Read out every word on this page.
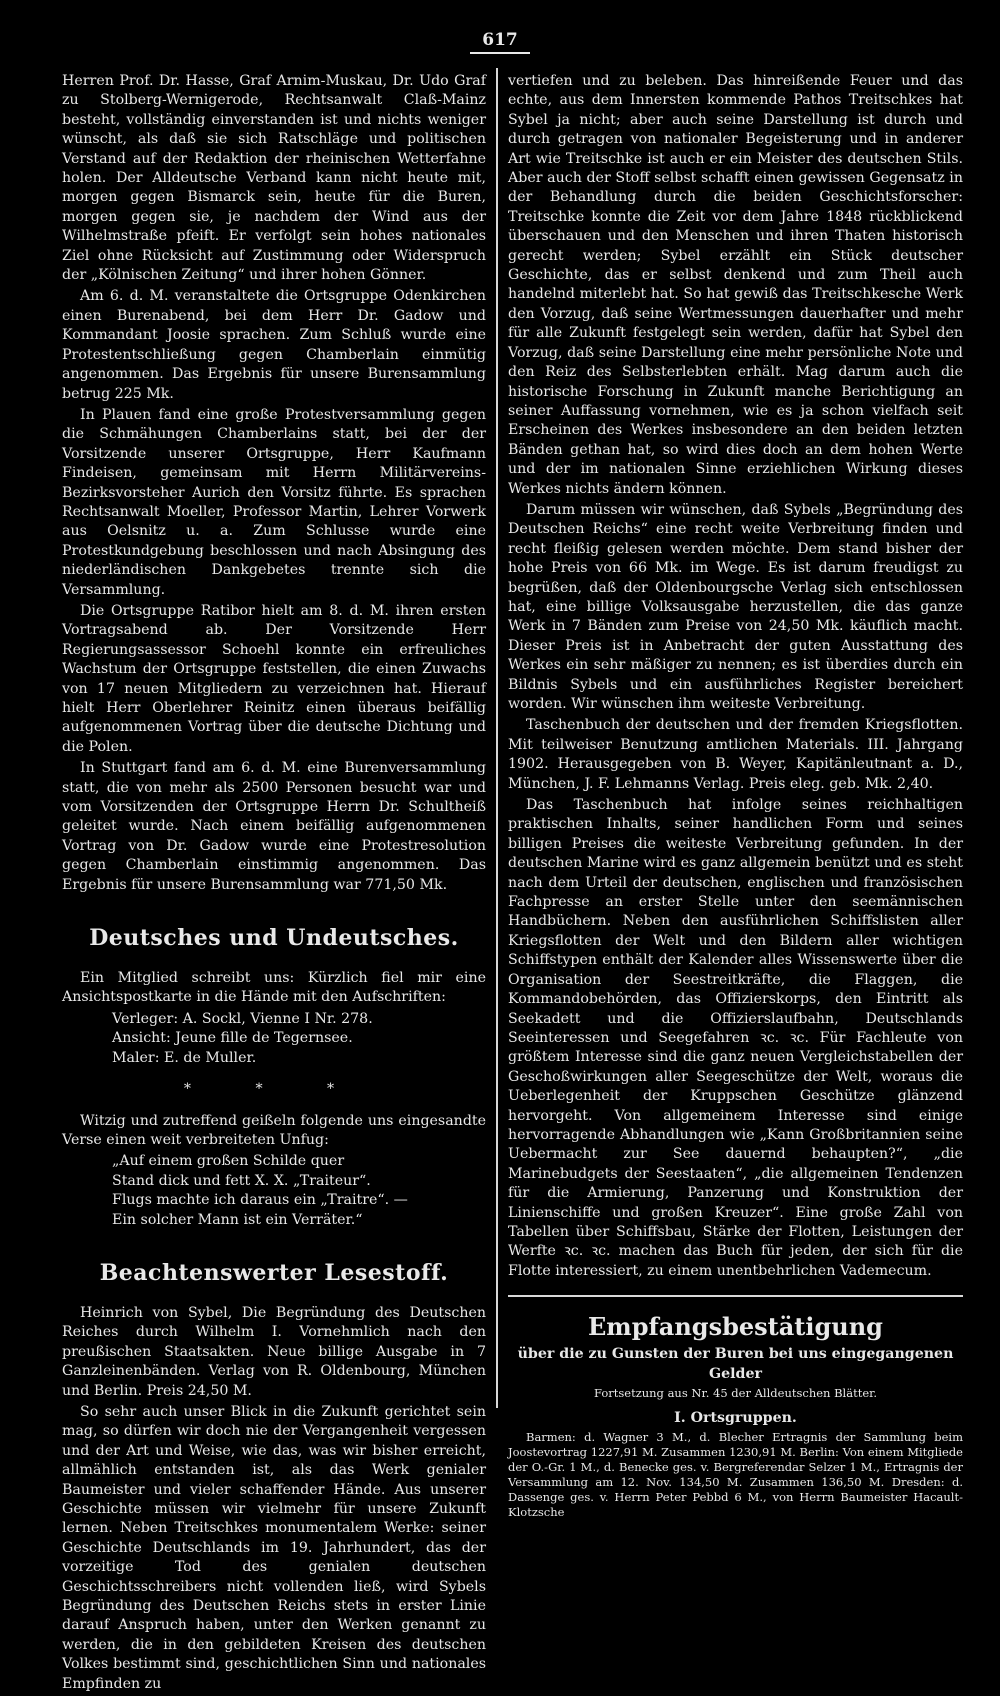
617

Herren Prof. Dr. Hasse, Graf Arnim-Muskau, Dr. Udo Graf zu Stolberg-Wernigerode, Rechtsanwalt Claß-Mainz besteht, vollständig einverstanden ist und nichts weniger wünscht, als daß sie sich Ratschläge und politischen Verstand auf der Redaktion der rheinischen Wetterfahne holen. Der Alldeutsche Verband kann nicht heute mit, morgen gegen Bismarck sein, heute für die Buren, morgen gegen sie, je nachdem der Wind aus der Wilhelmstraße pfeift. Er verfolgt sein hohes nationales Ziel ohne Rücksicht auf Zustimmung oder Widerspruch der „Kölnischen Zeitung“ und ihrer hohen Gönner.

Am 6. d. M. veranstaltete die Ortsgruppe Odenkirchen einen Burenabend, bei dem Herr Dr. Gadow und Kommandant Joosie sprachen. Zum Schluß wurde eine Protestentschließung gegen Chamberlain einmütig angenommen. Das Ergebnis für unsere Burensammlung betrug 225 Mk.

In Plauen fand eine große Protestversammlung gegen die Schmähungen Chamberlains statt, bei der der Vorsitzende unserer Ortsgruppe, Herr Kaufmann Findeisen, gemeinsam mit Herrn Militärvereins-Bezirksvorsteher Aurich den Vorsitz führte. Es sprachen Rechtsanwalt Moeller, Professor Martin, Lehrer Vorwerk aus Oelsnitz u. a. Zum Schlusse wurde eine Protestkundgebung beschlossen und nach Absingung des niederländischen Dankgebetes trennte sich die Versammlung.

Die Ortsgruppe Ratibor hielt am 8. d. M. ihren ersten Vortragsabend ab. Der Vorsitzende Herr Regierungsassessor Schoehl konnte ein erfreuliches Wachstum der Ortsgruppe feststellen, die einen Zuwachs von 17 neuen Mitgliedern zu verzeichnen hat. Hierauf hielt Herr Oberlehrer Reinitz einen überaus beifällig aufgenommenen Vortrag über die deutsche Dichtung und die Polen.

In Stuttgart fand am 6. d. M. eine Burenversammlung statt, die von mehr als 2500 Personen besucht war und vom Vorsitzenden der Ortsgruppe Herrn Dr. Schultheiß geleitet wurde. Nach einem beifällig aufgenommenen Vortrag von Dr. Gadow wurde eine Protestresolution gegen Chamberlain einstimmig angenommen. Das Ergebnis für unsere Burensammlung war 771,50 Mk.

Deutsches und Undeutsches.

Ein Mitglied schreibt uns: Kürzlich fiel mir eine Ansichtspostkarte in die Hände mit den Aufschriften:

Verleger: A. Sockl, Vienne I Nr. 278.

Ansicht: Jeune fille de Tegernsee.

Maler: E. de Muller.

* * *

Witzig und zutreffend geißeln folgende uns eingesandte Verse einen weit verbreiteten Unfug:

„Auf einem großen Schilde quer

Stand dick und fett X. X. „Traiteur“.

Flugs machte ich daraus ein „Traitre“. —

Ein solcher Mann ist ein Verräter.“

Beachtenswerter Lesestoff.

Heinrich von Sybel, Die Begründung des Deutschen Reiches durch Wilhelm I. Vornehmlich nach den preußischen Staatsakten. Neue billige Ausgabe in 7 Ganzleinenbänden. Verlag von R. Oldenbourg, München und Berlin. Preis 24,50 M.

So sehr auch unser Blick in die Zukunft gerichtet sein mag, so dürfen wir doch nie der Vergangenheit vergessen und der Art und Weise, wie das, was wir bisher erreicht, allmählich entstanden ist, als das Werk genialer Baumeister und vieler schaffender Hände. Aus unserer Geschichte müssen wir vielmehr für unsere Zukunft lernen. Neben Treitschkes monumentalem Werke: seiner Geschichte Deutschlands im 19. Jahrhundert, das der vorzeitige Tod des genialen deutschen Geschichtsschreibers nicht vollenden ließ, wird Sybels Begründung des Deutschen Reichs stets in erster Linie darauf Anspruch haben, unter den Werken genannt zu werden, die in den gebildeten Kreisen des deutschen Volkes bestimmt sind, geschichtlichen Sinn und nationales Empfinden zu

vertiefen und zu beleben. Das hinreißende Feuer und das echte, aus dem Innersten kommende Pathos Treitschkes hat Sybel ja nicht; aber auch seine Darstellung ist durch und durch getragen von nationaler Begeisterung und in anderer Art wie Treitschke ist auch er ein Meister des deutschen Stils. Aber auch der Stoff selbst schafft einen gewissen Gegensatz in der Behandlung durch die beiden Geschichtsforscher: Treitschke konnte die Zeit vor dem Jahre 1848 rückblickend überschauen und den Menschen und ihren Thaten historisch gerecht werden; Sybel erzählt ein Stück deutscher Geschichte, das er selbst denkend und zum Theil auch handelnd miterlebt hat. So hat gewiß das Treitschkesche Werk den Vorzug, daß seine Wertmessungen dauerhafter und mehr für alle Zukunft festgelegt sein werden, dafür hat Sybel den Vorzug, daß seine Darstellung eine mehr persönliche Note und den Reiz des Selbsterlebten erhält. Mag darum auch die historische Forschung in Zukunft manche Berichtigung an seiner Auffassung vornehmen, wie es ja schon vielfach seit Erscheinen des Werkes insbesondere an den beiden letzten Bänden gethan hat, so wird dies doch an dem hohen Werte und der im nationalen Sinne erziehlichen Wirkung dieses Werkes nichts ändern können.

Darum müssen wir wünschen, daß Sybels „Begründung des Deutschen Reichs“ eine recht weite Verbreitung finden und recht fleißig gelesen werden möchte. Dem stand bisher der hohe Preis von 66 Mk. im Wege. Es ist darum freudigst zu begrüßen, daß der Oldenbourgsche Verlag sich entschlossen hat, eine billige Volksausgabe herzustellen, die das ganze Werk in 7 Bänden zum Preise von 24,50 Mk. käuflich macht. Dieser Preis ist in Anbetracht der guten Ausstattung des Werkes ein sehr mäßiger zu nennen; es ist überdies durch ein Bildnis Sybels und ein ausführliches Register bereichert worden. Wir wünschen ihm weiteste Verbreitung.

Taschenbuch der deutschen und der fremden Kriegsflotten. Mit teilweiser Benutzung amtlichen Materials. III. Jahrgang 1902. Herausgegeben von B. Weyer, Kapitänleutnant a. D., München, J. F. Lehmanns Verlag. Preis eleg. geb. Mk. 2,40.

Das Taschenbuch hat infolge seines reichhaltigen praktischen Inhalts, seiner handlichen Form und seines billigen Preises die weiteste Verbreitung gefunden. In der deutschen Marine wird es ganz allgemein benützt und es steht nach dem Urteil der deutschen, englischen und französischen Fachpresse an erster Stelle unter den seemännischen Handbüchern. Neben den ausführlichen Schiffslisten aller Kriegsflotten der Welt und den Bildern aller wichtigen Schiffstypen enthält der Kalender alles Wissenswerte über die Organisation der Seestreitkräfte, die Flaggen, die Kommandobehörden, das Offizierskorps, den Eintritt als Seekadett und die Offizierslaufbahn, Deutschlands Seeinteressen und Seegefahren ꝛc. ꝛc. Für Fachleute von größtem Interesse sind die ganz neuen Vergleichstabellen der Geschoßwirkungen aller Seegeschütze der Welt, woraus die Ueberlegenheit der Kruppschen Geschütze glänzend hervorgeht. Von allgemeinem Interesse sind einige hervorragende Abhandlungen wie „Kann Großbritannien seine Uebermacht zur See dauernd behaupten?“, „die Marinebudgets der Seestaaten“, „die allgemeinen Tendenzen für die Armierung, Panzerung und Konstruktion der Linienschiffe und großen Kreuzer“. Eine große Zahl von Tabellen über Schiffsbau, Stärke der Flotten, Leistungen der Werfte ꝛc. ꝛc. machen das Buch für jeden, der sich für die Flotte interessiert, zu einem unentbehrlichen Vademecum.

Empfangsbestätigung
über die zu Gunsten der Buren bei uns eingegangenen Gelder
Fortsetzung aus Nr. 45 der Alldeutschen Blätter.
I. Ortsgruppen.

Barmen: d. Wagner 3 M., d. Blecher Ertragnis der Sammlung beim Joostevortrag 1227,91 M. Zusammen 1230,91 M. Berlin: Von einem Mitgliede der O.-Gr. 1 M., d. Benecke ges. v. Bergreferendar Selzer 1 M., Ertragnis der Versammlung am 12. Nov. 134,50 M. Zusammen 136,50 M. Dresden: d. Dassenge ges. v. Herrn Peter Pebbd 6 M., von Herrn Baumeister Hacault-Klotzsche
